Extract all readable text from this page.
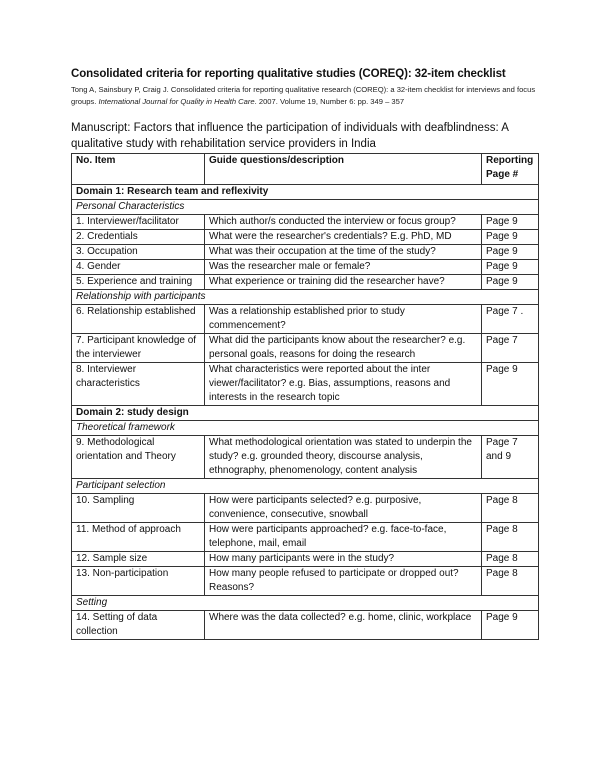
Consolidated criteria for reporting qualitative studies (COREQ): 32-item checklist
Tong A, Sainsbury P, Craig J. Consolidated criteria for reporting qualitative research (COREQ): a 32-item checklist for interviews and focus groups. International Journal for Quality in Health Care. 2007. Volume 19, Number 6: pp. 349 – 357
Manuscript: Factors that influence the participation of individuals with deafblindness: A qualitative study with rehabilitation service providers in India
No. Item	Guide questions/description	Reporting Page #
Domain 1: Research team and reflexivity		
Personal Characteristics		
1. Interviewer/facilitator	Which author/s conducted the interview or focus group?	Page 9
2. Credentials	What were the researcher's credentials? E.g. PhD, MD	Page 9
3. Occupation	What was their occupation at the time of the study?	Page 9
4. Gender	Was the researcher male or female?	Page 9
5. Experience and training	What experience or training did the researcher have?	Page 9
Relationship with participants		
6. Relationship established	Was a relationship established prior to study commencement?	Page 7 .
7. Participant knowledge of the interviewer	What did the participants know about the researcher? e.g. personal goals, reasons for doing the research	Page 7
8. Interviewer characteristics	What characteristics were reported about the inter viewer/facilitator? e.g. Bias, assumptions, reasons and interests in the research topic	Page 9
Domain 2: study design		
Theoretical framework		
9. Methodological orientation and Theory	What methodological orientation was stated to underpin the study? e.g. grounded theory, discourse analysis, ethnography, phenomenology, content analysis	Page 7 and 9
Participant selection		
10. Sampling	How were participants selected? e.g. purposive, convenience, consecutive, snowball	Page 8
11. Method of approach	How were participants approached? e.g. face-to-face, telephone, mail, email	Page 8
12. Sample size	How many participants were in the study?	Page 8
13. Non-participation	How many people refused to participate or dropped out? Reasons?	Page 8
Setting		
14. Setting of data collection	Where was the data collected? e.g. home, clinic, workplace	Page 9
